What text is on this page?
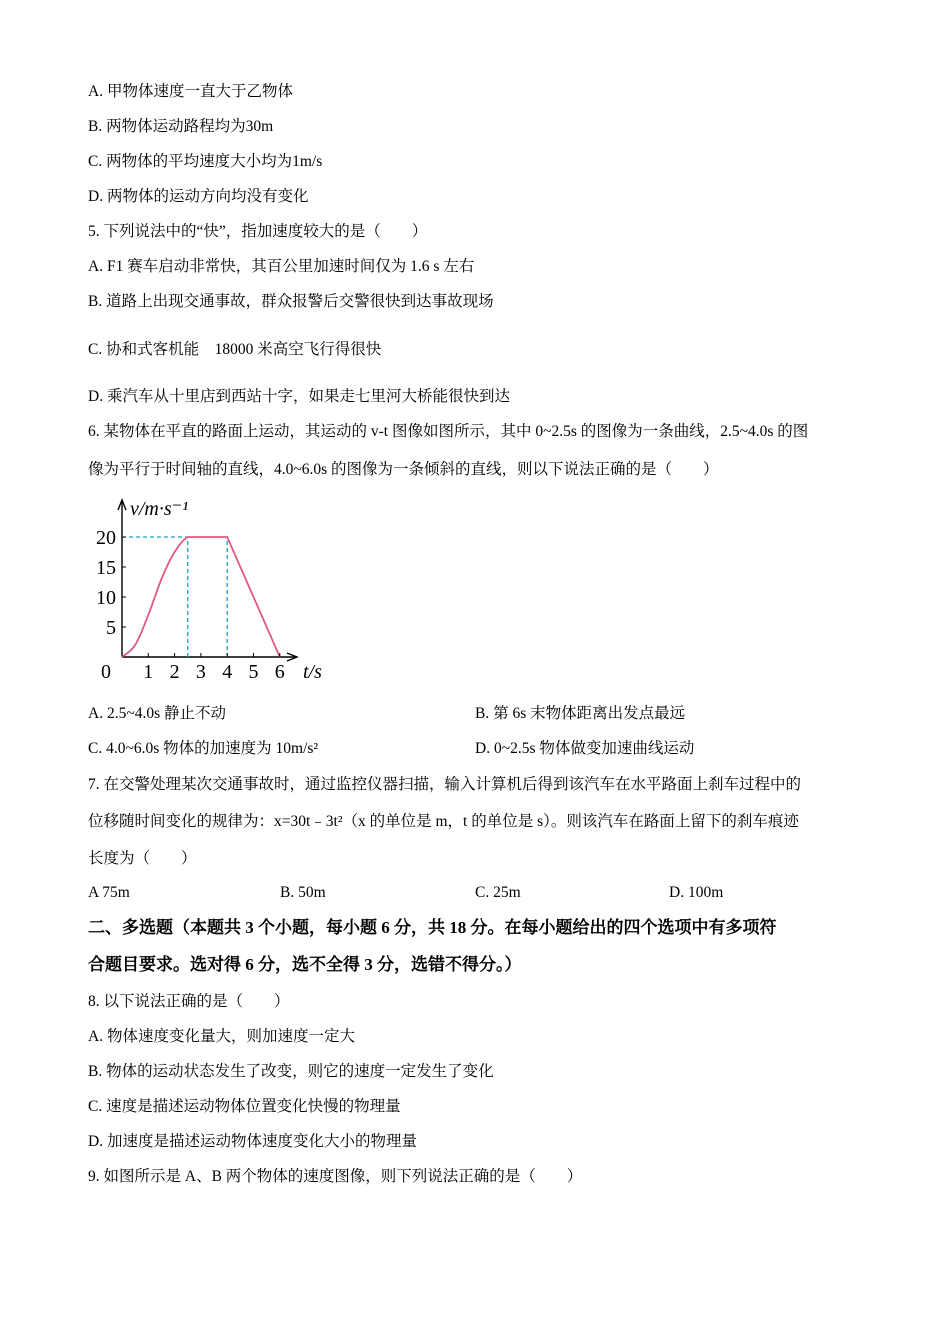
A. 甲物体速度一直大于乙物体
B. 两物体运动路程均为30m
C. 两物体的平均速度大小均为1m/s
D. 两物体的运动方向均没有变化
5. 下列说法中的“快”，指加速度较大的是（　　）
A. F1 赛车启动非常快，其百公里加速时间仅为 1.6 s 左右
B. 道路上出现交通事故，群众报警后交警很快到达事故现场
C. 协和式客机能　18000 米高空飞行得很快
D. 乘汽车从十里店到西站十字，如果走七里河大桥能很快到达
6. 某物体在平直的路面上运动，其运动的 v-t 图像如图所示，其中 0~2.5s 的图像为一条曲线，2.5~4.0s 的图
像为平行于时间轴的直线，4.0~6.0s 的图像为一条倾斜的直线，则以下说法正确的是（　　）
0 1 2 3 4 5 6
5
10
15
20
v/m·s⁻¹
t/s
A. 2.5~4.0s 静止不动	B. 第 6s 末物体距离出发点最远
C. 4.0~6.0s 物体的加速度为 10m/s²	D. 0~2.5s 物体做变加速曲线运动
7. 在交警处理某次交通事故时，通过监控仪器扫描，输入计算机后得到该汽车在水平路面上刹车过程中的
位移随时间变化的规律为：x=30t﹣3t²（x 的单位是 m，t 的单位是 s）。则该汽车在路面上留下的刹车痕迹
长度为（　　）
A 75m	B. 50m	C. 25m	D. 100m
二、多选题（本题共 3 个小题，每小题 6 分，共 18 分。在每小题给出的四个选项中有多项符
合题目要求。选对得 6 分，选不全得 3 分，选错不得分。）
8. 以下说法正确的是（　　）
A. 物体速度变化量大，则加速度一定大
B. 物体的运动状态发生了改变，则它的速度一定发生了变化
C. 速度是描述运动物体位置变化快慢的物理量
D. 加速度是描述运动物体速度变化大小的物理量
9. 如图所示是 A、B 两个物体的速度图像，则下列说法正确的是（　　）
